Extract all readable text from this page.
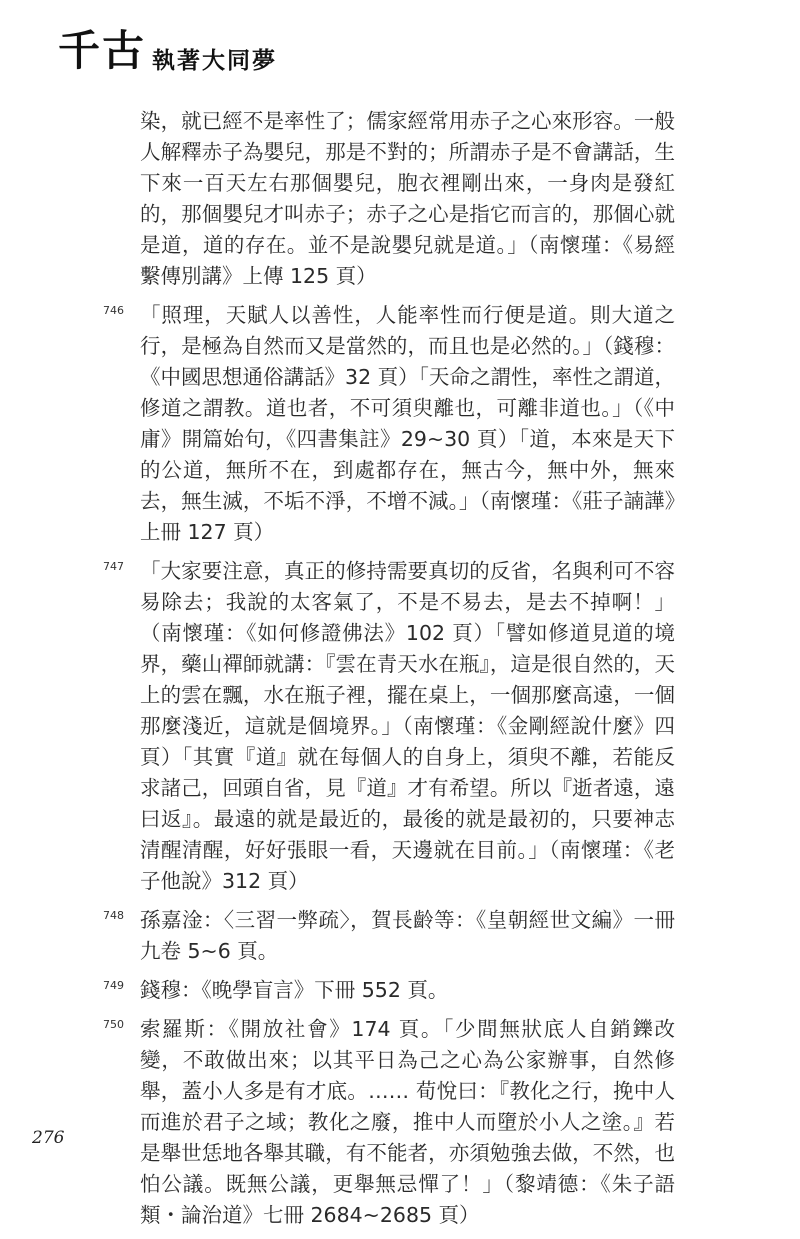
千古 執著大同夢

染，就已經不是率性了；儒家經常用赤子之心來形容。一般人解釋赤子為嬰兒，那是不對的；所謂赤子是不會講話，生下來一百天左右那個嬰兒，胞衣裡剛出來，一身肉是發紅的，那個嬰兒才叫赤子；赤子之心是指它而言的，那個心就是道，道的存在。並不是說嬰兒就是道。」（南懷瑾：《易經繫傳別講》上傳 125 頁）

746 「照理，天賦人以善性，人能率性而行便是道。則大道之行，是極為自然而又是當然的，而且也是必然的。」（錢穆：《中國思想通俗講話》32 頁）「天命之謂性，率性之謂道，修道之謂教。道也者，不可須臾離也，可離非道也。」（《中庸》開篇始句，《四書集註》29~30 頁）「道，本來是天下的公道，無所不在，到處都存在，無古今，無中外，無來去，無生滅，不垢不淨，不增不減。」（南懷瑾：《莊子諵譁》上冊 127 頁）

747 「大家要注意，真正的修持需要真切的反省，名與利可不容易除去；我說的太客氣了，不是不易去，是去不掉啊！」（南懷瑾：《如何修證佛法》102 頁）「譬如修道見道的境界，藥山禪師就講：『雲在青天水在瓶』，這是很自然的，天上的雲在飄，水在瓶子裡，擺在桌上，一個那麼高遠，一個那麼淺近，這就是個境界。」（南懷瑾：《金剛經說什麼》四頁）「其實『道』就在每個人的自身上，須臾不離，若能反求諸己，回頭自省，見『道』才有希望。所以『逝者遠，遠曰返』。最遠的就是最近的，最後的就是最初的，只要神志清醒清醒，好好張眼一看，天邊就在目前。」（南懷瑾：《老子他說》312 頁）

748 孫嘉淦：〈三習一弊疏〉，賀長齡等：《皇朝經世文編》一冊九卷 5~6 頁。

749 錢穆：《晚學盲言》下冊 552 頁。

750 索羅斯：《開放社會》174 頁。「少間無狀底人自銷鑠改變，不敢做出來；以其平日為己之心為公家辦事，自然修舉，蓋小人多是有才底。…… 荀悅曰：『教化之行，挽中人而進於君子之域；教化之廢，推中人而墮於小人之塗。』若是舉世恁地各舉其職，有不能者，亦須勉強去做，不然，也怕公議。既無公議，更舉無忌憚了！」（黎靖德：《朱子語類・論治道》七冊 2684~2685 頁）

276
